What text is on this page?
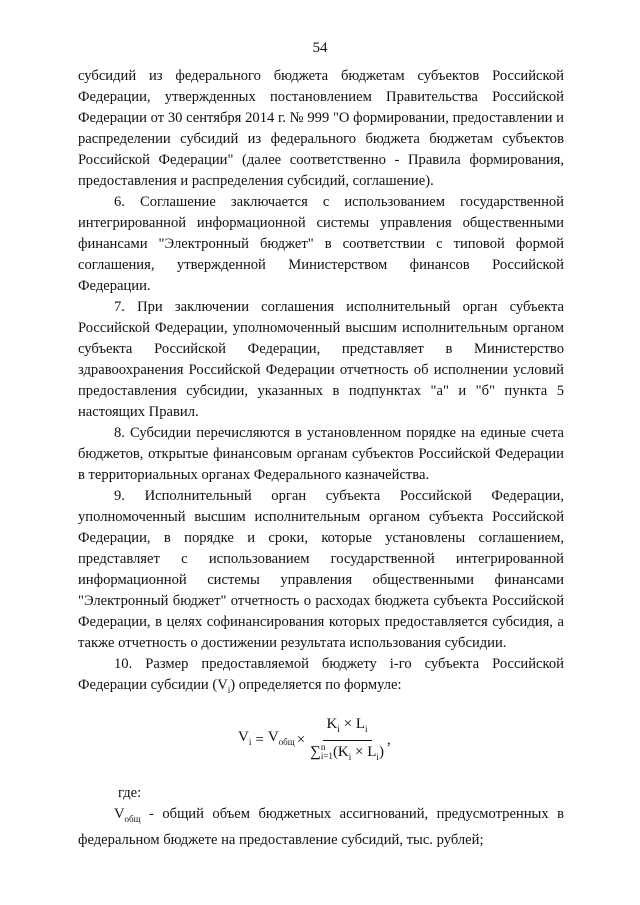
54

субсидий из федерального бюджета бюджетам субъектов Российской Федерации, утвержденных постановлением Правительства Российской Федерации от 30 сентября 2014 г. № 999 "О формировании, предоставлении и распределении субсидий из федерального бюджета бюджетам субъектов Российской Федерации" (далее соответственно - Правила формирования, предоставления и распределения субсидий, соглашение).

6. Соглашение заключается с использованием государственной интегрированной информационной системы управления общественными финансами "Электронный бюджет" в соответствии с типовой формой соглашения, утвержденной Министерством финансов Российской Федерации.

7. При заключении соглашения исполнительный орган субъекта Российской Федерации, уполномоченный высшим исполнительным органом субъекта Российской Федерации, представляет в Министерство здравоохранения Российской Федерации отчетность об исполнении условий предоставления субсидии, указанных в подпунктах "а" и "б" пункта 5 настоящих Правил.

8. Субсидии перечисляются в установленном порядке на единые счета бюджетов, открытые финансовым органам субъектов Российской Федерации в территориальных органах Федерального казначейства.

9. Исполнительный орган субъекта Российской Федерации, уполномоченный высшим исполнительным органом субъекта Российской Федерации, в порядке и сроки, которые установлены соглашением, представляет с использованием государственной интегрированной информационной системы управления общественными финансами "Электронный бюджет" отчетность о расходах бюджета субъекта Российской Федерации, в целях софинансирования которых предоставляется субсидия, а также отчетность о достижении результата использования субсидии.

10. Размер предоставляемой бюджету i-го субъекта Российской Федерации субсидии $(V_i)$ определяется по формуле:

$V_i = V_{общ} \times K_i \times L_i$
∑ n
i=1 $(K_i \times L_i)$ ,

где:

$V_{общ}$ - общий объем бюджетных ассигнований, предусмотренных в федеральном бюджете на предоставление субсидий, тыс. рублей;
